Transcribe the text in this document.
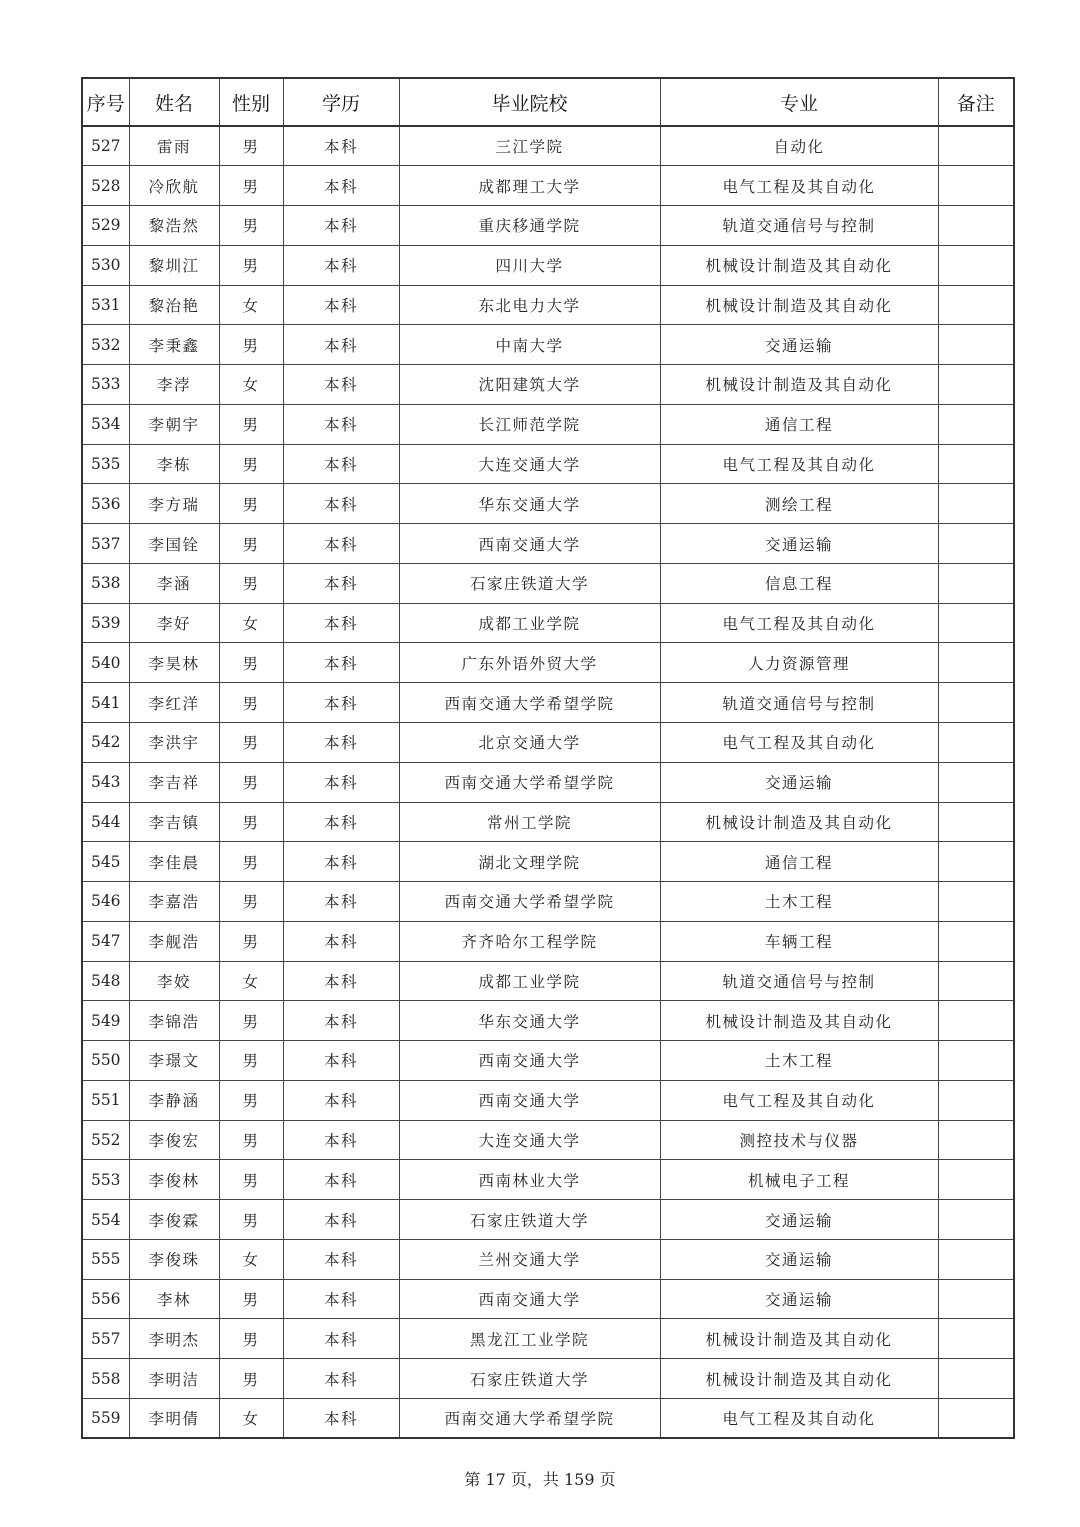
序号	姓名	性别	学历	毕业院校	专业	备注
527	雷雨	男	本科	三江学院	自动化	
528	冷欣航	男	本科	成都理工大学	电气工程及其自动化	
529	黎浩然	男	本科	重庆移通学院	轨道交通信号与控制	
530	黎圳江	男	本科	四川大学	机械设计制造及其自动化	
531	黎治艳	女	本科	东北电力大学	机械设计制造及其自动化	
532	李秉鑫	男	本科	中南大学	交通运输	
533	李浡	女	本科	沈阳建筑大学	机械设计制造及其自动化	
534	李朝宇	男	本科	长江师范学院	通信工程	
535	李栋	男	本科	大连交通大学	电气工程及其自动化	
536	李方瑞	男	本科	华东交通大学	测绘工程	
537	李国铨	男	本科	西南交通大学	交通运输	
538	李涵	男	本科	石家庄铁道大学	信息工程	
539	李好	女	本科	成都工业学院	电气工程及其自动化	
540	李昊林	男	本科	广东外语外贸大学	人力资源管理	
541	李红洋	男	本科	西南交通大学希望学院	轨道交通信号与控制	
542	李洪宇	男	本科	北京交通大学	电气工程及其自动化	
543	李吉祥	男	本科	西南交通大学希望学院	交通运输	
544	李吉镇	男	本科	常州工学院	机械设计制造及其自动化	
545	李佳晨	男	本科	湖北文理学院	通信工程	
546	李嘉浩	男	本科	西南交通大学希望学院	土木工程	
547	李舰浩	男	本科	齐齐哈尔工程学院	车辆工程	
548	李姣	女	本科	成都工业学院	轨道交通信号与控制	
549	李锦浩	男	本科	华东交通大学	机械设计制造及其自动化	
550	李璟文	男	本科	西南交通大学	土木工程	
551	李静涵	男	本科	西南交通大学	电气工程及其自动化	
552	李俊宏	男	本科	大连交通大学	测控技术与仪器	
553	李俊林	男	本科	西南林业大学	机械电子工程	
554	李俊霖	男	本科	石家庄铁道大学	交通运输	
555	李俊珠	女	本科	兰州交通大学	交通运输	
556	李林	男	本科	西南交通大学	交通运输	
557	李明杰	男	本科	黑龙江工业学院	机械设计制造及其自动化	
558	李明洁	男	本科	石家庄铁道大学	机械设计制造及其自动化	
559	李明倩	女	本科	西南交通大学希望学院	电气工程及其自动化	
第 17 页，共 159 页
